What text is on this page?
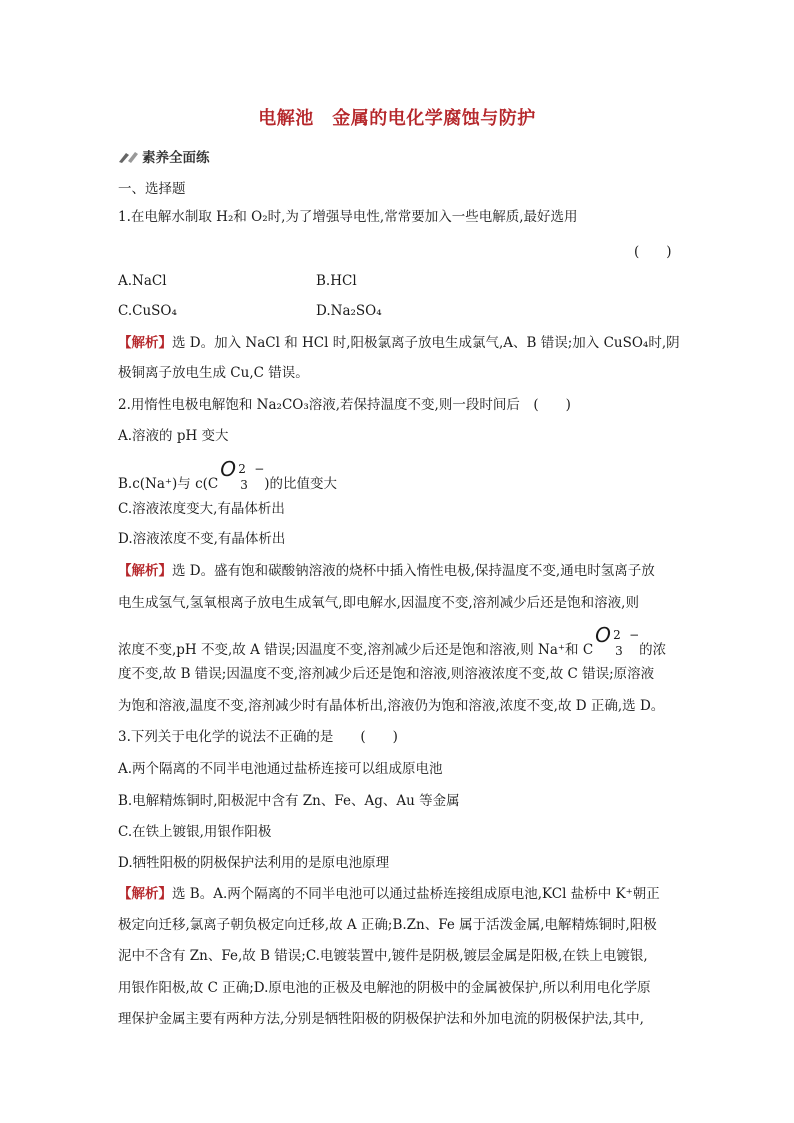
电解池　金属的电化学腐蚀与防护
素养全面练
一、选择题
1.在电解水制取 H₂和 O₂时,为了增强导电性,常常要加入一些电解质,最好选用
(　　)
A.NaCl	B.HCl
C.CuSO₄	D.Na₂SO₄
【解析】选 D。加入 NaCl 和 HCl 时,阳极氯离子放电生成氯气,A、B 错误;加入 CuSO₄时,阴
极铜离子放电生成 Cu,C 错误。
2.用惰性电极电解饱和 Na₂CO₃溶液,若保持温度不变,则一段时间后　(　　)
A.溶液的 pH 变大
B.c(Na⁺)与 c(C
O 2
3
−
)的比值变大
C.溶液浓度变大,有晶体析出
D.溶液浓度不变,有晶体析出
【解析】选 D。盛有饱和碳酸钠溶液的烧杯中插入惰性电极,保持温度不变,通电时氢离子放
电生成氢气,氢氧根离子放电生成氧气,即电解水,因温度不变,溶剂减少后还是饱和溶液,则
浓度不变,pH 不变,故 A 错误;因温度不变,溶剂减少后还是饱和溶液,则 Na⁺和 C
O 2
3
−
的浓
度不变,故 B 错误;因温度不变,溶剂减少后还是饱和溶液,则溶液浓度不变,故 C 错误;原溶液
为饱和溶液,温度不变,溶剂减少时有晶体析出,溶液仍为饱和溶液,浓度不变,故 D 正确,选 D。
3.下列关于电化学的说法不正确的是　　(　　)
A.两个隔离的不同半电池通过盐桥连接可以组成原电池
B.电解精炼铜时,阳极泥中含有 Zn、Fe、Ag、Au 等金属
C.在铁上镀银,用银作阳极
D.牺牲阳极的阴极保护法利用的是原电池原理
【解析】选 B。A.两个隔离的不同半电池可以通过盐桥连接组成原电池,KCl 盐桥中 K⁺朝正
极定向迁移,氯离子朝负极定向迁移,故 A 正确;B.Zn、Fe 属于活泼金属,电解精炼铜时,阳极
泥中不含有 Zn、Fe,故 B 错误;C.电镀装置中,镀件是阴极,镀层金属是阳极,在铁上电镀银,
用银作阳极,故 C 正确;D.原电池的正极及电解池的阴极中的金属被保护,所以利用电化学原
理保护金属主要有两种方法,分别是牺牲阳极的阴极保护法和外加电流的阴极保护法,其中,
